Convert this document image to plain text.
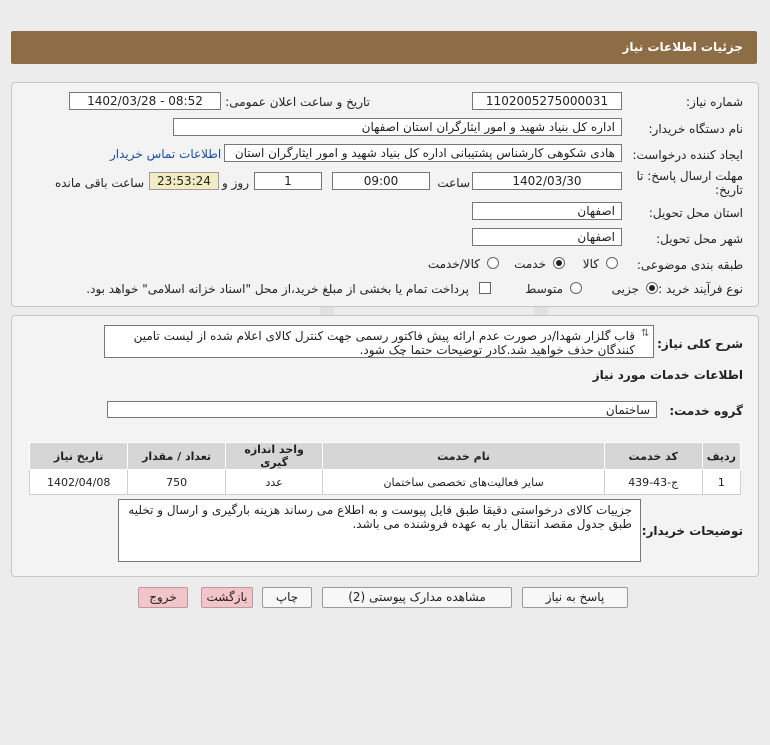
جزئیات اطلاعات نیاز
شماره نیاز:
1102005275000031
تاریخ و ساعت اعلان عمومی:
1402/03/28 - 08:52
نام دستگاه خریدار:
اداره کل بنیاد شهید و امور ایثارگران استان اصفهان
ایجاد کننده درخواست:
هادی شکوهی کارشناس پشتیبانی اداره کل بنیاد شهید و امور ایثارگران استان
اطلاعات تماس خریدار
مهلت ارسال پاسخ: تا
تاریخ:
1402/03/30
ساعت
09:00
1
روز و
23:53:24
ساعت باقی مانده
استان محل تحویل:
اصفهان
شهر محل تحویل:
اصفهان
طبقه بندی موضوعی:
کالا
خدمت
کالا/خدمت
نوع فرآیند خرید :
جزیی
متوسط
پرداخت تمام یا بخشی از مبلغ خرید،از محل "اسناد خزانه اسلامی" خواهد بود.
شرح کلی نیاز:
قاب گلزار شهدا/در صورت عدم ارائه پیش فاکتور رسمی جهت کنترل کالای اعلام شده از لیست تامین کنندگان حذف خواهید شد.کادر توضیحات حتما چک شود.
⇅
اطلاعات خدمات مورد نیاز
گروه خدمت:
ساختمان
تاریخ نیاز	تعداد / مقدار	واحد اندازه گیری	نام خدمت	کد خدمت	ردیف
1402/04/08	750	عدد	سایر فعالیت‌های تخصصی ساختمان	ج-43-439	1
توضیحات خریدار:
جزییات کالای درخواستی دقیقا طبق فایل پیوست و به اطلاع می رساند هزینه بارگیری و ارسال و تخلیه طبق جدول مقصد انتقال بار به عهده فروشنده می باشد.
پاسخ به نیاز
مشاهده مدارک پیوستی (2)
چاپ
بازگشت
خروج
